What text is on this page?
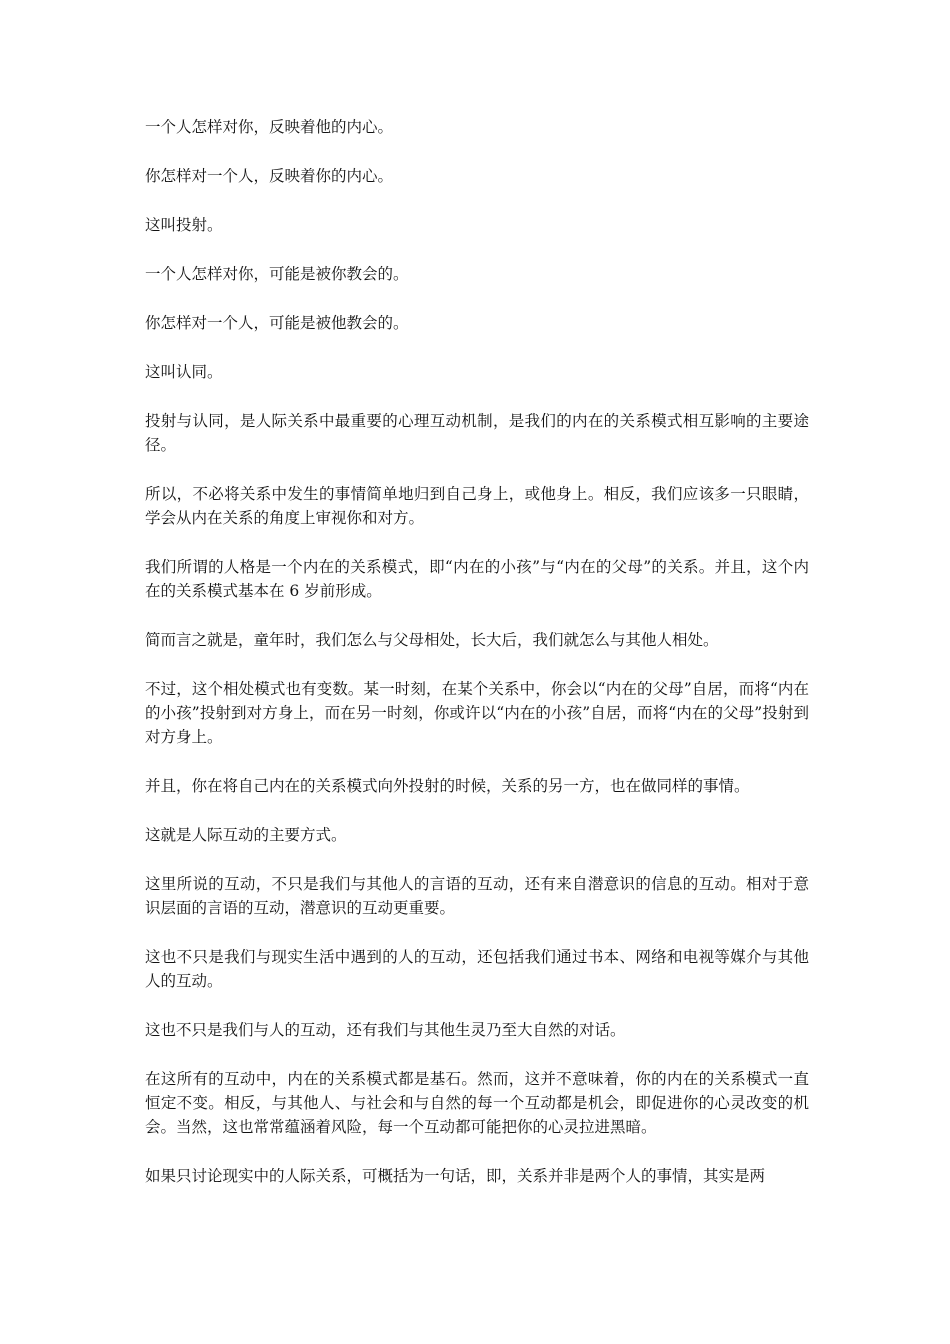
一个人怎样对你，反映着他的内心。

你怎样对一个人，反映着你的内心。

这叫投射。

一个人怎样对你，可能是被你教会的。

你怎样对一个人，可能是被他教会的。

这叫认同。

投射与认同，是人际关系中最重要的心理互动机制，是我们的内在的关系模式相互影响的主要途径。

所以，不必将关系中发生的事情简单地归到自己身上，或他身上。相反，我们应该多一只眼睛，学会从内在关系的角度上审视你和对方。

我们所谓的人格是一个内在的关系模式，即“内在的小孩”与“内在的父母”的关系。并且，这个内在的关系模式基本在 6 岁前形成。

简而言之就是，童年时，我们怎么与父母相处，长大后，我们就怎么与其他人相处。

不过，这个相处模式也有变数。某一时刻，在某个关系中，你会以“内在的父母”自居，而将“内在的小孩”投射到对方身上，而在另一时刻，你或许以“内在的小孩”自居，而将“内在的父母”投射到对方身上。

并且，你在将自己内在的关系模式向外投射的时候，关系的另一方，也在做同样的事情。

这就是人际互动的主要方式。

这里所说的互动，不只是我们与其他人的言语的互动，还有来自潜意识的信息的互动。相对于意识层面的言语的互动，潜意识的互动更重要。

这也不只是我们与现实生活中遇到的人的互动，还包括我们通过书本、网络和电视等媒介与其他人的互动。

这也不只是我们与人的互动，还有我们与其他生灵乃至大自然的对话。

在这所有的互动中，内在的关系模式都是基石。然而，这并不意味着，你的内在的关系模式一直恒定不变。相反，与其他人、与社会和与自然的每一个互动都是机会，即促进你的心灵改变的机会。当然，这也常常蕴涵着风险，每一个互动都可能把你的心灵拉进黑暗。

如果只讨论现实中的人际关系，可概括为一句话，即，关系并非是两个人的事情，其实是两
